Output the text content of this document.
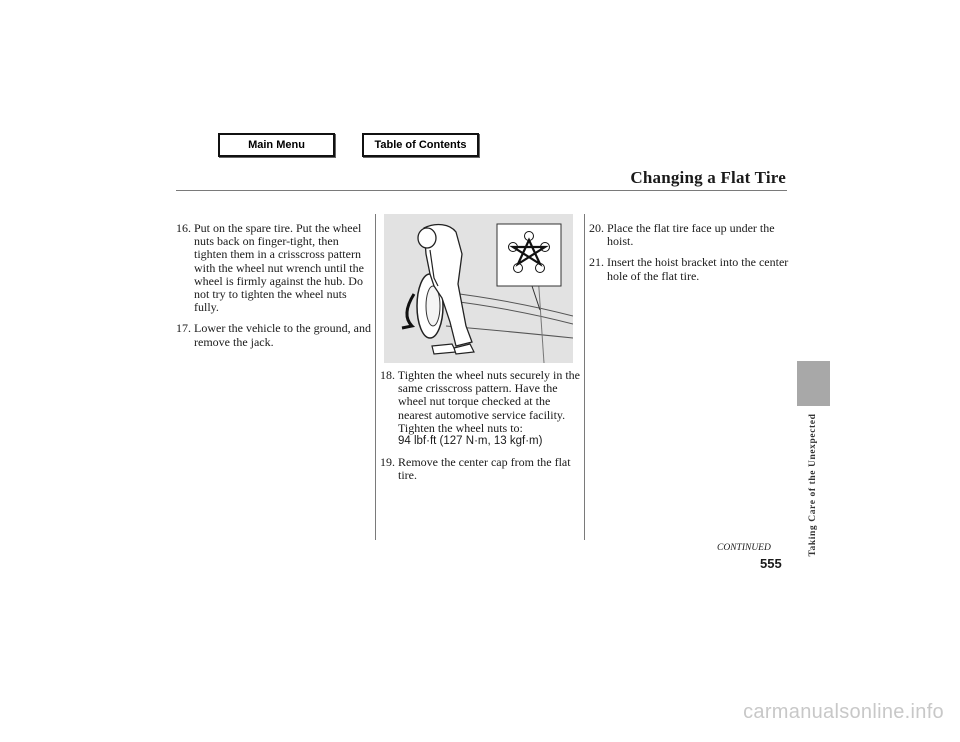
Main Menu	Table of Contents
Changing a Flat Tire
Taking Care of the Unexpected
16. Put on the spare tire. Put the wheel nuts back on finger-tight, then tighten them in a crisscross pattern with the wheel nut wrench until the wheel is firmly against the hub. Do not try to tighten the wheel nuts fully.
17. Lower the vehicle to the ground, and remove the jack.
18. Tighten the wheel nuts securely in the same crisscross pattern. Have the wheel nut torque checked at the nearest automotive service facility.
Tighten the wheel nuts to:
94 lbf·ft (127 N·m, 13 kgf·m)
19. Remove the center cap from the flat tire.
20. Place the flat tire face up under the hoist.
21. Insert the hoist bracket into the center hole of the flat tire.
CONTINUED
555
carmanualsonline.info
